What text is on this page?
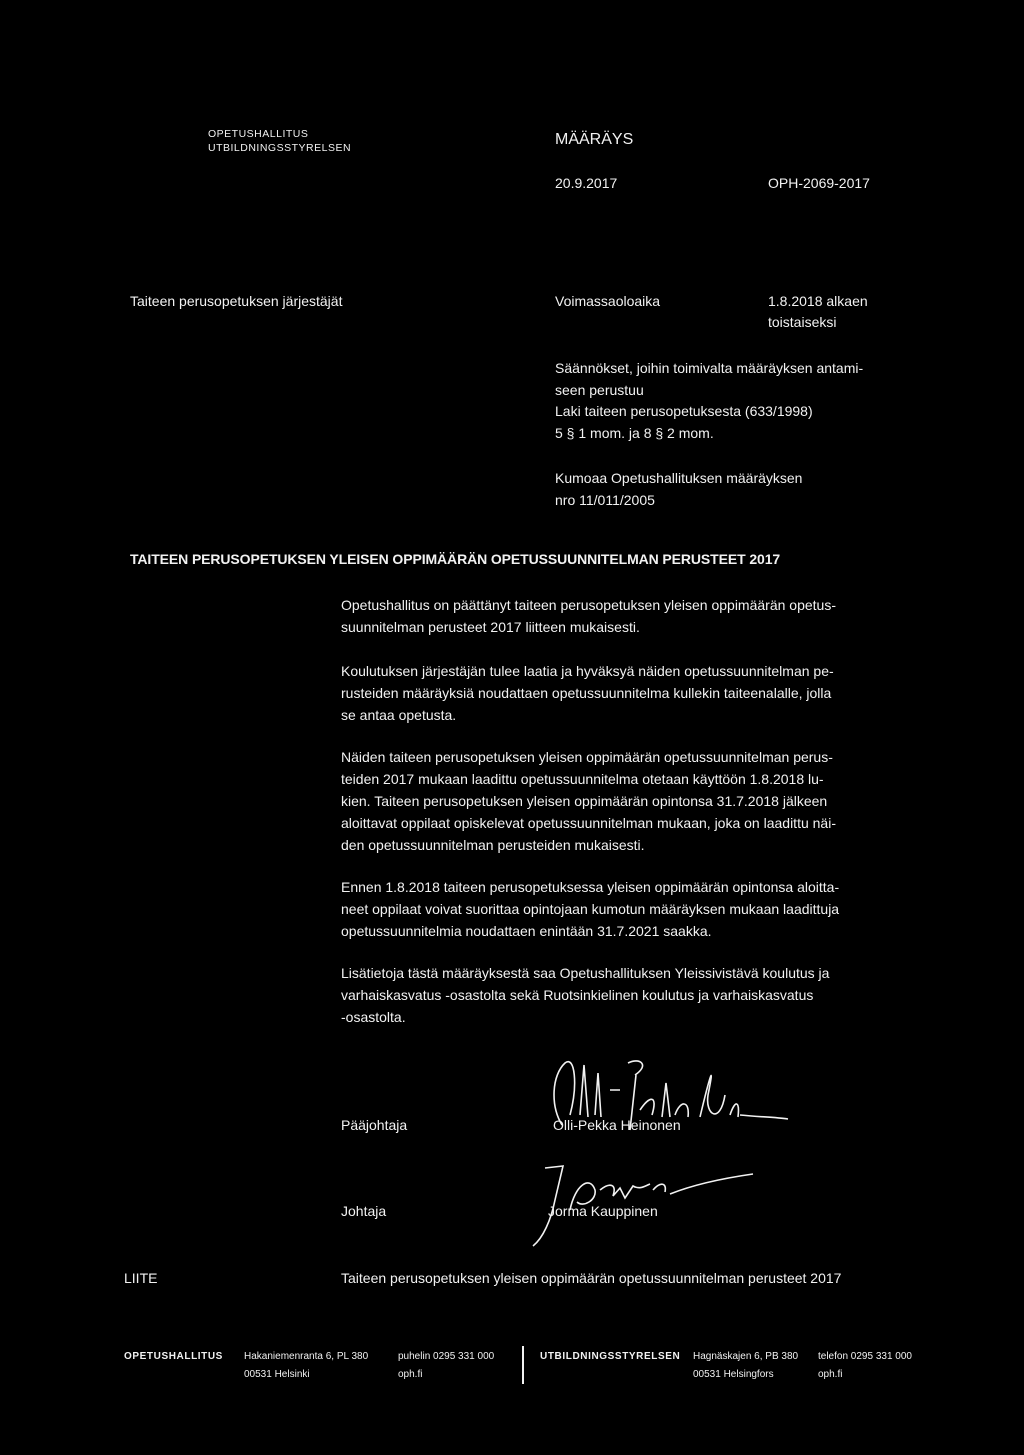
OPETUSHALLITUS
UTBILDNINGSSTYRELSEN	MÄÄRÄYS
20.9.2017	OPH-2069-2017
Taiteen perusopetuksen järjestäjät	Voimassaoloaika	1.8.2018 alkaen
toistaiseksi
Säännökset, joihin toimivalta määräyksen antami-
seen perustuu
Laki taiteen perusopetuksesta (633/1998)
5 § 1 mom. ja 8 § 2 mom.
Kumoaa Opetushallituksen määräyksen
nro 11/011/2005
TAITEEN PERUSOPETUKSEN YLEISEN OPPIMÄÄRÄN OPETUSSUUNNITELMAN PERUSTEET 2017
Opetushallitus on päättänyt taiteen perusopetuksen yleisen oppimäärän opetus-
suunnitelman perusteet 2017 liitteen mukaisesti.
Koulutuksen järjestäjän tulee laatia ja hyväksyä näiden opetussuunnitelman pe-
rusteiden määräyksiä noudattaen opetussuunnitelma kullekin taiteenalalle, jolla
se antaa opetusta.
Näiden taiteen perusopetuksen yleisen oppimäärän opetussuunnitelman perus-
teiden 2017 mukaan laadittu opetussuunnitelma otetaan käyttöön 1.8.2018 lu-
kien. Taiteen perusopetuksen yleisen oppimäärän opintonsa 31.7.2018 jälkeen
aloittavat oppilaat opiskelevat opetussuunnitelman mukaan, joka on laadittu näi-
den opetussuunnitelman perusteiden mukaisesti.
Ennen 1.8.2018 taiteen perusopetuksessa yleisen oppimäärän opintonsa aloitta-
neet oppilaat voivat suorittaa opintojaan kumotun määräyksen mukaan laadittuja
opetussuunnitelmia noudattaen enintään 31.7.2021 saakka.
Lisätietoja tästä määräyksestä saa Opetushallituksen Yleissivistävä koulutus ja
varhaiskasvatus -osastolta sekä Ruotsinkielinen koulutus ja varhaiskasvatus
-osastolta.
Pääjohtaja	Olli-Pekka Heinonen
Johtaja	Jorma Kauppinen
LIITE	Taiteen perusopetuksen yleisen oppimäärän opetussuunnitelman perusteet 2017
OPETUSHALLITUS Hakaniemenranta 6, PL 380
00531 Helsinki
puhelin 0295 331 000
oph.fi
UTBILDNINGSSTYRELSEN Hagnäskajen 6, PB 380
00531 Helsingfors
telefon 0295 331 000
oph.fi
